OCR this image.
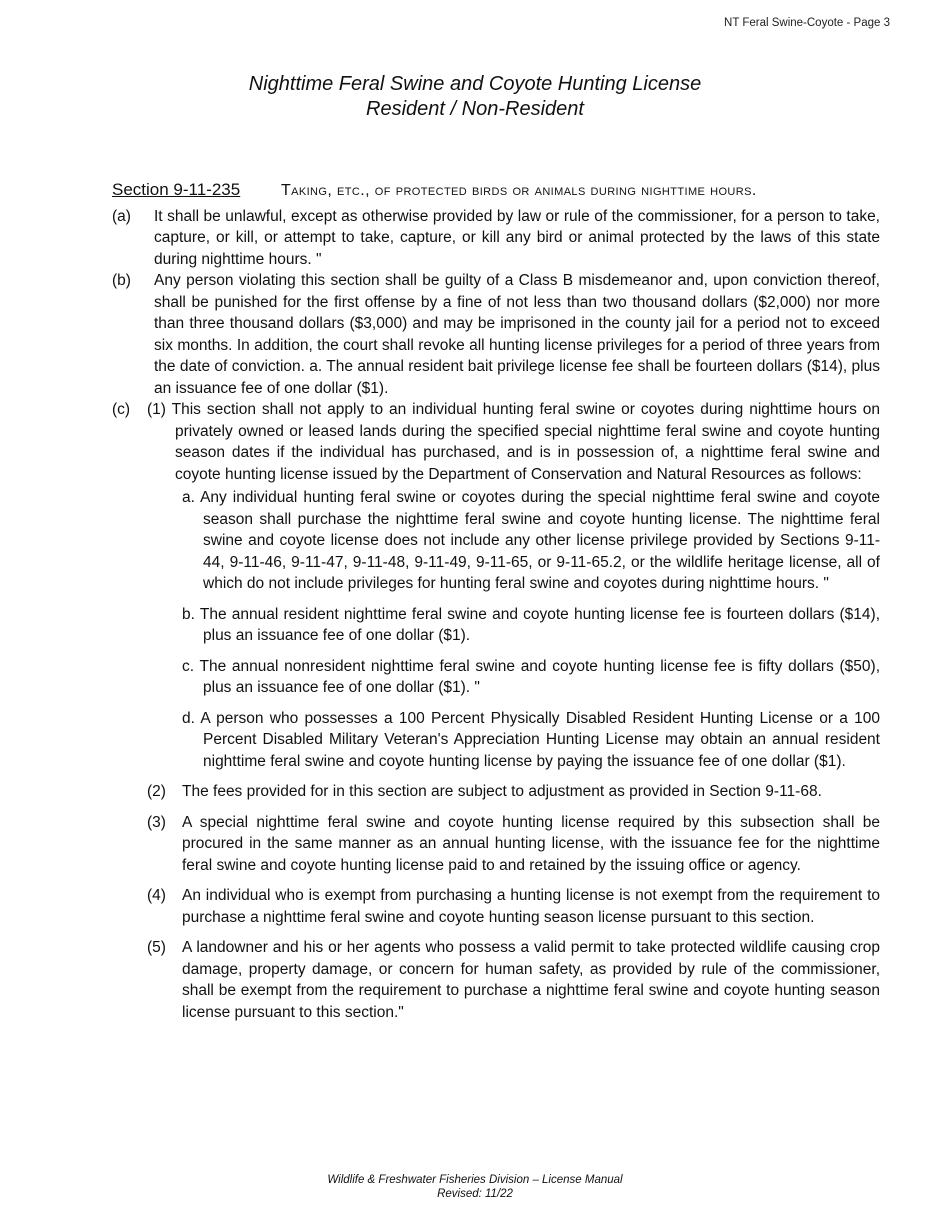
NT Feral Swine-Coyote - Page 3
Nighttime Feral Swine and Coyote Hunting License
Resident / Non-Resident
Section 9-11-235	Taking, etc., of protected birds or animals during nighttime hours.
(a) It shall be unlawful, except as otherwise provided by law or rule of the commissioner, for a person to take, capture, or kill, or attempt to take, capture, or kill any bird or animal protected by the laws of this state during nighttime hours. "
(b) Any person violating this section shall be guilty of a Class B misdemeanor and, upon conviction thereof, shall be punished for the first offense by a fine of not less than two thousand dollars ($2,000) nor more than three thousand dollars ($3,000) and may be imprisoned in the county jail for a period not to exceed six months. In addition, the court shall revoke all hunting license privileges for a period of three years from the date of conviction. a. The annual resident bait privilege license fee shall be fourteen dollars ($14), plus an issuance fee of one dollar ($1).
(c) (1) This section shall not apply to an individual hunting feral swine or coyotes during nighttime hours on privately owned or leased lands during the specified special nighttime feral swine and coyote hunting season dates if the individual has purchased, and is in possession of, a nighttime feral swine and coyote hunting license issued by the Department of Conservation and Natural Resources as follows:
a. Any individual hunting feral swine or coyotes during the special nighttime feral swine and coyote season shall purchase the nighttime feral swine and coyote hunting license. The nighttime feral swine and coyote license does not include any other license privilege provided by Sections 9-11-44, 9-11-46, 9-11-47, 9-11-48, 9-11-49, 9-11-65, or 9-11-65.2, or the wildlife heritage license, all of which do not include privileges for hunting feral swine and coyotes during nighttime hours. "
b. The annual resident nighttime feral swine and coyote hunting license fee is fourteen dollars ($14), plus an issuance fee of one dollar ($1).
c. The annual nonresident nighttime feral swine and coyote hunting license fee is fifty dollars ($50), plus an issuance fee of one dollar ($1). "
d. A person who possesses a 100 Percent Physically Disabled Resident Hunting License or a 100 Percent Disabled Military Veteran's Appreciation Hunting License may obtain an annual resident nighttime feral swine and coyote hunting license by paying the issuance fee of one dollar ($1).
(2) The fees provided for in this section are subject to adjustment as provided in Section 9-11-68.
(3) A special nighttime feral swine and coyote hunting license required by this subsection shall be procured in the same manner as an annual hunting license, with the issuance fee for the nighttime feral swine and coyote hunting license paid to and retained by the issuing office or agency.
(4) An individual who is exempt from purchasing a hunting license is not exempt from the requirement to purchase a nighttime feral swine and coyote hunting season license pursuant to this section.
(5) A landowner and his or her agents who possess a valid permit to take protected wildlife causing crop damage, property damage, or concern for human safety, as provided by rule of the commissioner, shall be exempt from the requirement to purchase a nighttime feral swine and coyote hunting season license pursuant to this section."
Wildlife & Freshwater Fisheries Division – License Manual
Revised: 11/22
